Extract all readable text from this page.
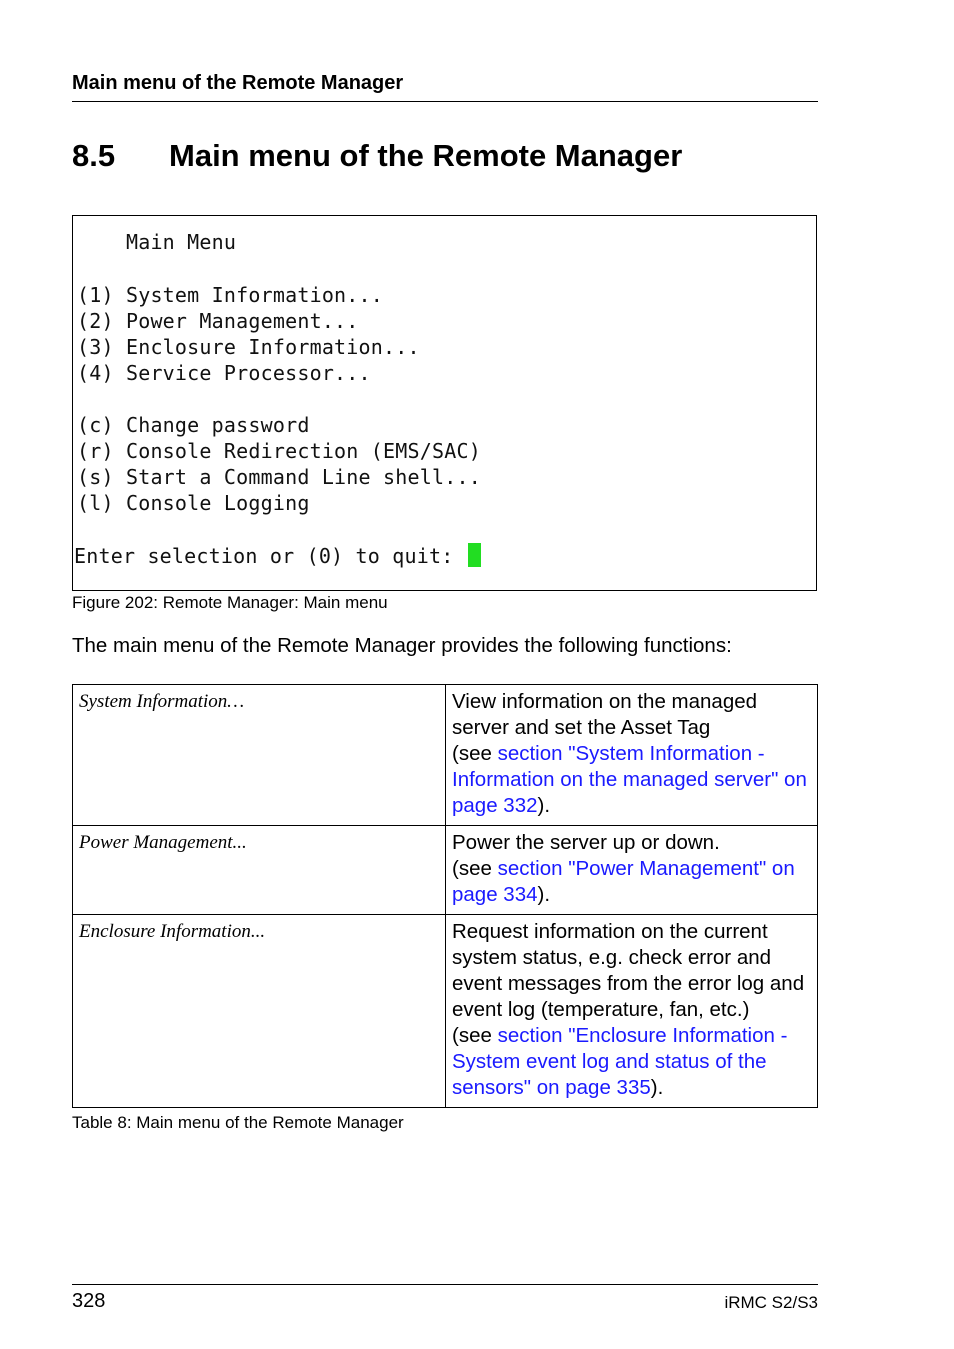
Main menu of the Remote Manager
8.5 Main menu of the Remote Manager
Main Menu
(1) System Information...
(2) Power Management...
(3) Enclosure Information...
(4) Service Processor...
(c) Change password
(r) Console Redirection (EMS/SAC)
(s) Start a Command Line shell...
(l) Console Logging
Enter selection or (0) to quit:
Figure 202: Remote Manager: Main menu
The main menu of the Remote Manager provides the following functions:
System Information…	View information on the managed server and set the Asset Tag
(see section "System Information - Information on the managed server" on page 332).
Power Management...	Power the server up or down.
(see section "Power Management" on page 334).
Enclosure Information...	Request information on the current system status, e.g. check error and event messages from the error log and event log (temperature, fan, etc.)
(see section "Enclosure Information - System event log and status of the sensors" on page 335).
Table 8: Main menu of the Remote Manager
328	iRMC S2/S3
